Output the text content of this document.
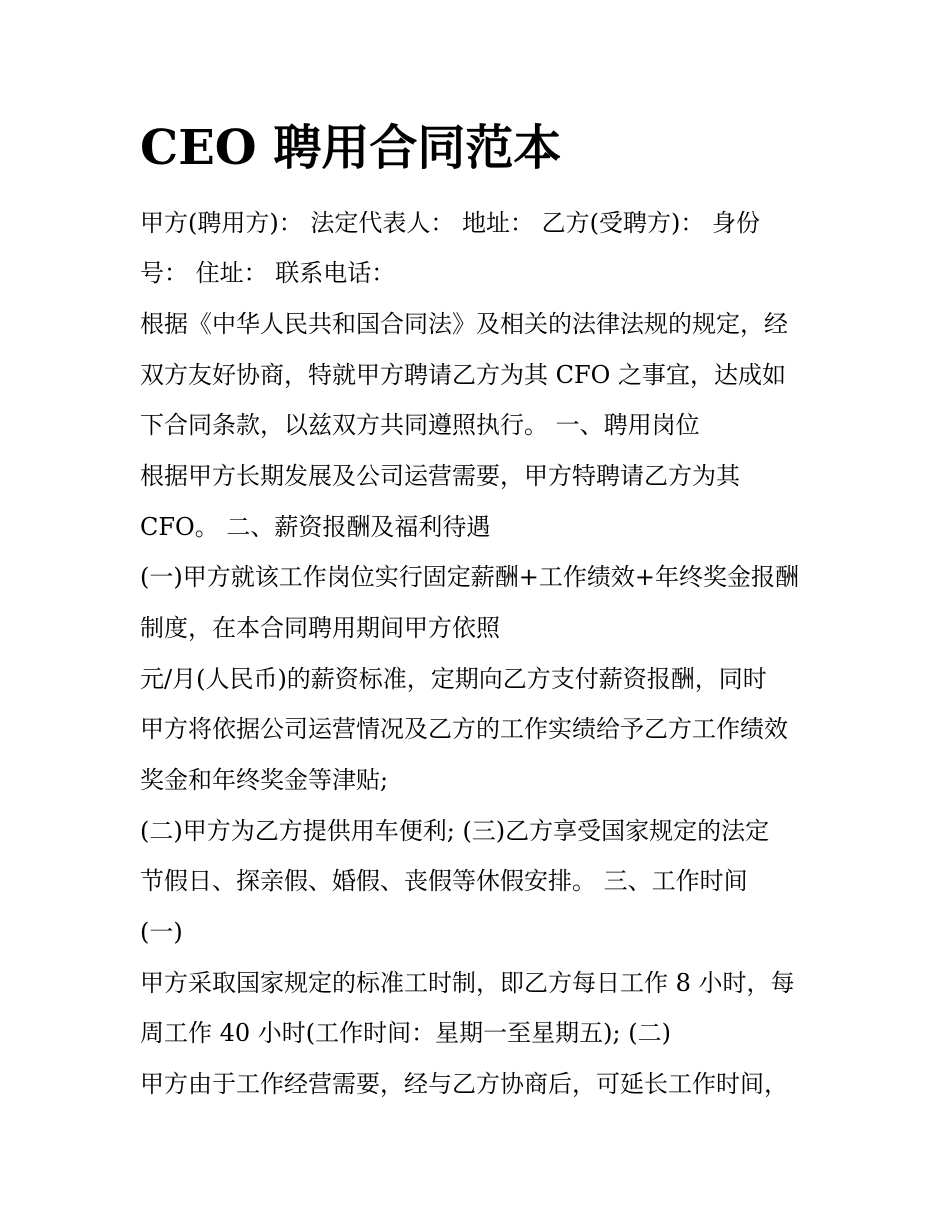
CEO 聘用合同范本
甲方(聘用方)： 法定代表人： 地址： 乙方(受聘方)： 身份
号： 住址： 联系电话：
根据《中华人民共和国合同法》及相关的法律法规的规定，经
双方友好协商，特就甲方聘请乙方为其 CFO 之事宜，达成如
下合同条款，以兹双方共同遵照执行。 一、聘用岗位
根据甲方长期发展及公司运营需要，甲方特聘请乙方为其
CFO。 二、薪资报酬及福利待遇
(一)甲方就该工作岗位实行固定薪酬+工作绩效+年终奖金报酬
制度，在本合同聘用期间甲方依照
元/月(人民币)的薪资标准，定期向乙方支付薪资报酬，同时
甲方将依据公司运营情况及乙方的工作实绩给予乙方工作绩效
奖金和年终奖金等津贴;
(二)甲方为乙方提供用车便利; (三)乙方享受国家规定的法定
节假日、探亲假、婚假、丧假等休假安排。 三、工作时间
(一)
甲方采取国家规定的标准工时制，即乙方每日工作 8 小时，每
周工作 40 小时(工作时间：星期一至星期五); (二)
甲方由于工作经营需要，经与乙方协商后，可延长工作时间，
